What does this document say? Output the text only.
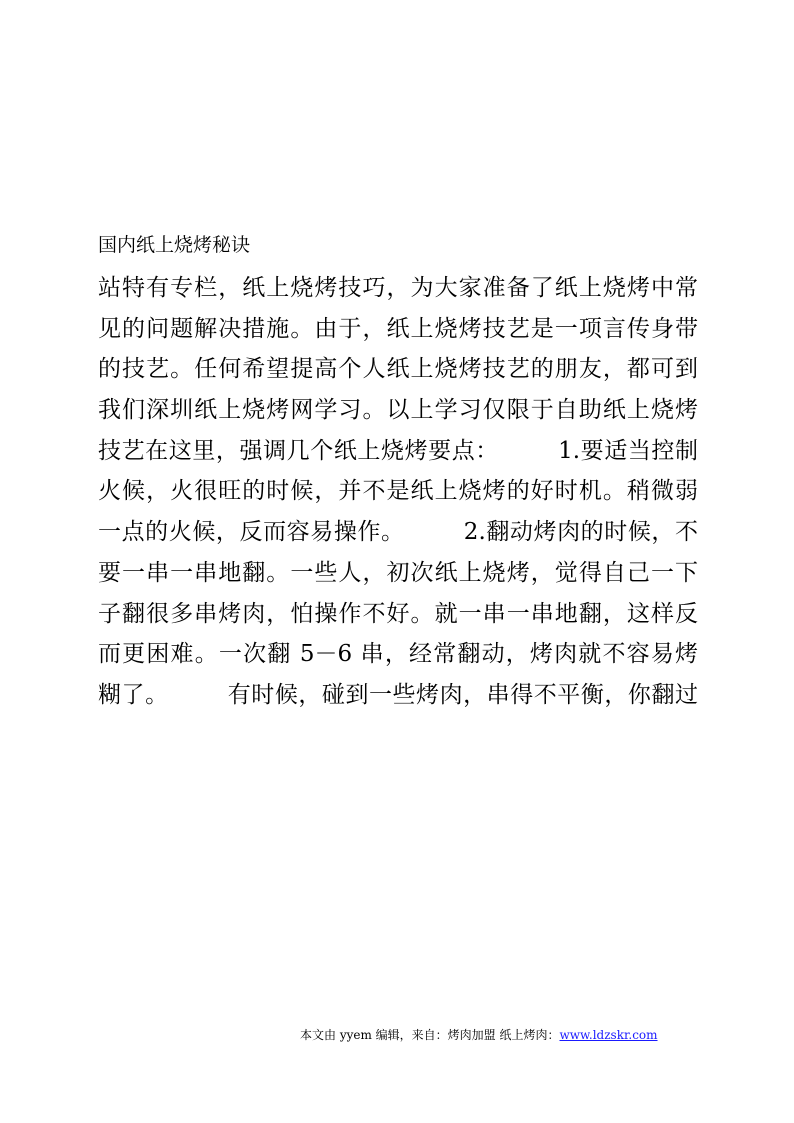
国内纸上烧烤秘诀
站特有专栏，纸上烧烤技巧，为大家准备了纸上烧烤中常
见的问题解决措施。由于，纸上烧烤技艺是一项言传身带
的技艺。任何希望提高个人纸上烧烤技艺的朋友，都可到
我们深圳纸上烧烤网学习。以上学习仅限于自助纸上烧烤
技艺在这里，强调几个纸上烧烤要点：　　　1.要适当控制
火候，火很旺的时候，并不是纸上烧烤的好时机。稍微弱
一点的火候，反而容易操作。　　　2.翻动烤肉的时候，不
要一串一串地翻。一些人，初次纸上烧烤，觉得自己一下
子翻很多串烤肉，怕操作不好。就一串一串地翻，这样反
而更困难。一次翻 5－6 串，经常翻动，烤肉就不容易烤
糊了。　　　有时候，碰到一些烤肉，串得不平衡，你翻过
本文由 yyem 编辑，来自：烤肉加盟 纸上烤肉：www.ldzskr.com
